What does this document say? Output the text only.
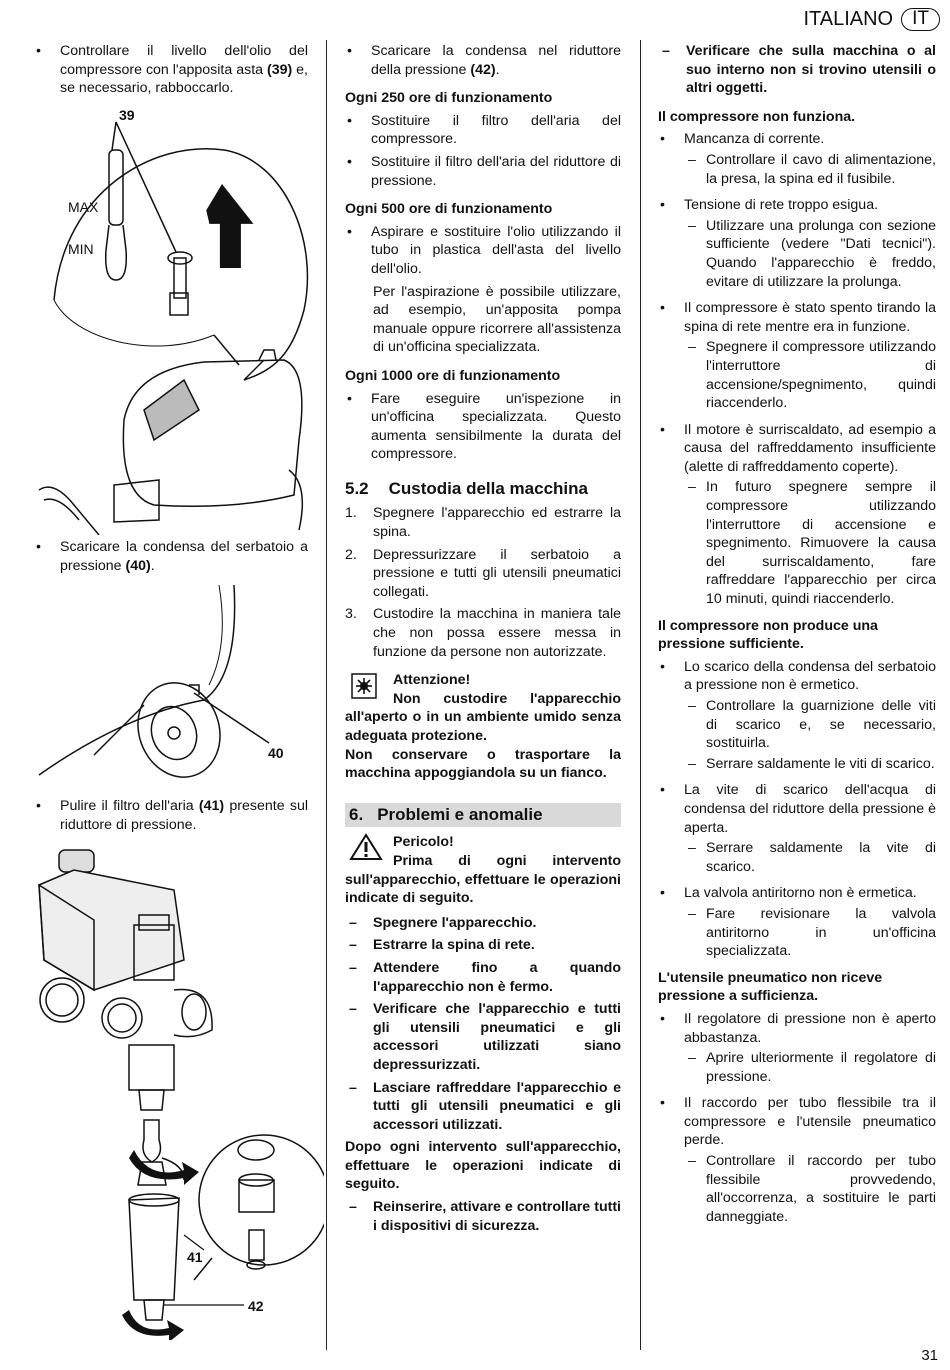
ITALIANO	IT

• Controllare il livello dell'olio del compressore con l'apposita asta (39) e, se necessario, rabboccarlo.

39
MAX
MIN

• Scaricare la condensa del serbatoio a pressione (40).

40

• Pulire il filtro dell'aria (41) presente sul riduttore di pressione.

41
42

• Scaricare la condensa nel riduttore della pressione (42).

Ogni 250 ore di funzionamento

• Sostituire il filtro dell'aria del compressore.

• Sostituire il filtro dell'aria del riduttore di pressione.

Ogni 500 ore di funzionamento

• Aspirare e sostituire l'olio utilizzando il tubo in plastica dell'asta del livello dell'olio.

Per l'aspirazione è possibile utilizzare, ad esempio, un'apposita pompa manuale oppure ricorrere all'assistenza di un'officina specializzata.

Ogni 1000 ore di funzionamento

• Fare eseguire un'ispezione in un'officina specializzata. Questo aumenta sensibilmente la durata del compressore.

5.2 Custodia della macchina

1. Spegnere l'apparecchio ed estrarre la spina.

2. Depressurizzare il serbatoio a pressione e tutti gli utensili pneumatici collegati.

3. Custodire la macchina in maniera tale che non possa essere messa in funzione da persone non autorizzate.

Attenzione!

Non custodire l'apparecchio all'aperto o in un ambiente umido senza adeguata protezione.

Non conservare o trasportare la macchina appoggiandola su un fianco.

6. Problemi e anomalie

Pericolo!

Prima di ogni intervento sull'apparecchio, effettuare le operazioni indicate di seguito.

– Spegnere l'apparecchio.

– Estrarre la spina di rete.

– Attendere fino a quando l'apparecchio non è fermo.

– Verificare che l'apparecchio e tutti gli utensili pneumatici e gli accessori utilizzati siano depressurizzati.

– Lasciare raffreddare l'apparecchio e tutti gli utensili pneumatici e gli accessori utilizzati.

Dopo ogni intervento sull'apparecchio, effettuare le operazioni indicate di seguito.

– Reinserire, attivare e controllare tutti i dispositivi di sicurezza.

– Verificare che sulla macchina o al suo interno non si trovino utensili o altri oggetti.

Il compressore non funziona.

• Mancanza di corrente.

– Controllare il cavo di alimentazione, la presa, la spina ed il fusibile.

• Tensione di rete troppo esigua.

– Utilizzare una prolunga con sezione sufficiente (vedere "Dati tecnici"). Quando l'apparecchio è freddo, evitare di utilizzare la prolunga.

• Il compressore è stato spento tirando la spina di rete mentre era in funzione.

– Spegnere il compressore utilizzando l'interruttore di accensione/spegnimento, quindi riaccenderlo.

• Il motore è surriscaldato, ad esempio a causa del raffreddamento insufficiente (alette di raffreddamento coperte).

– In futuro spegnere sempre il compressore utilizzando l'interruttore di accensione e spegnimento. Rimuovere la causa del surriscaldamento, fare raffreddare l'apparecchio per circa 10 minuti, quindi riaccenderlo.

Il compressore non produce una pressione sufficiente.

• Lo scarico della condensa del serbatoio a pressione non è ermetico.

– Controllare la guarnizione delle viti di scarico e, se necessario, sostituirla.

– Serrare saldamente le viti di scarico.

• La vite di scarico dell'acqua di condensa del riduttore della pressione è aperta.

– Serrare saldamente la vite di scarico.

• La valvola antiritorno non è ermetica.

– Fare revisionare la valvola antiritorno in un'officina specializzata.

L'utensile pneumatico non riceve pressione a sufficienza.

• Il regolatore di pressione non è aperto abbastanza.

– Aprire ulteriormente il regolatore di pressione.

• Il raccordo per tubo flessibile tra il compressore e l'utensile pneumatico perde.

– Controllare il raccordo per tubo flessibile provvedendo, all'occorrenza, a sostituire le parti danneggiate.

31
